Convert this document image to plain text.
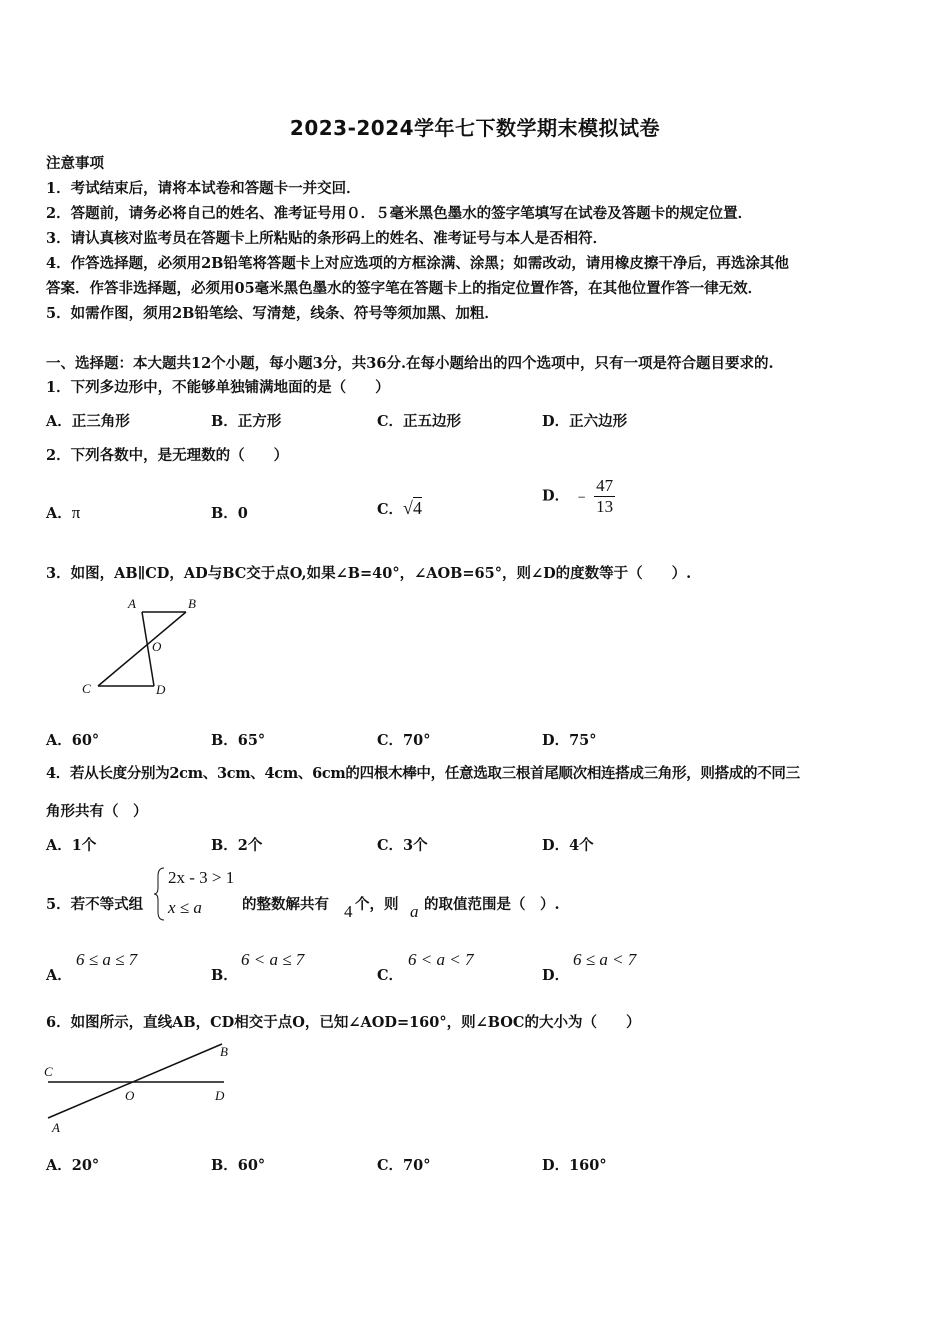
2023-2024学年七下数学期末模拟试卷
注意事项
1．考试结束后，请将本试卷和答题卡一并交回．
2．答题前，请务必将自己的姓名、准考证号用０．５毫米黑色墨水的签字笔填写在试卷及答题卡的规定位置．
3．请认真核对监考员在答题卡上所粘贴的条形码上的姓名、准考证号与本人是否相符．
4．作答选择题，必须用2B铅笔将答题卡上对应选项的方框涂满、涂黑；如需改动，请用橡皮擦干净后，再选涂其他
答案．作答非选择题，必须用05毫米黑色墨水的签字笔在答题卡上的指定位置作答，在其他位置作答一律无效．
5．如需作图，须用2B铅笔绘、写清楚，线条、符号等须加黑、加粗．
一、选择题：本大题共12个小题，每小题3分，共36分.在每小题给出的四个选项中，只有一项是符合题目要求的.
1．下列多边形中，不能够单独铺满地面的是（　　）
A．正三角形	B．正方形	C．正五边形	D．正六边形
2．下列各数中，是无理数的（　　）
A．π	B．0	C．√4
D． ﹣ $\frac{47}{13}$
3．如图，AB∥CD，AD与BC交于点O,如果∠B=40°，∠AOB=65°，则∠D的度数等于（　　）.
A	B
O
C	D
A．60°	B．65°	C．70°	D．75°
4．若从长度分别为2cm、3cm、4cm、6cm的四根木棒中，任意选取三根首尾顺次相连搭成三角形，则搭成的不同三
角形共有（　）
A．1个	B．2个	C．3个	D．4个
5．若不等式组
2x - 3 > 1
x ≤ a	的整数解共有 4 个，则 a 的取值范围是（　）.
A．
6 ≤ a ≤ 7
B．
6 < a ≤ 7
C．
6 < a < 7
D．
6 ≤ a < 7
6．如图所示，直线AB，CD相交于点O，已知∠AOD=160°，则∠BOC的大小为（　　）
B
C
O	D
A
A．20°	B．60°	C．70°	D．160°
